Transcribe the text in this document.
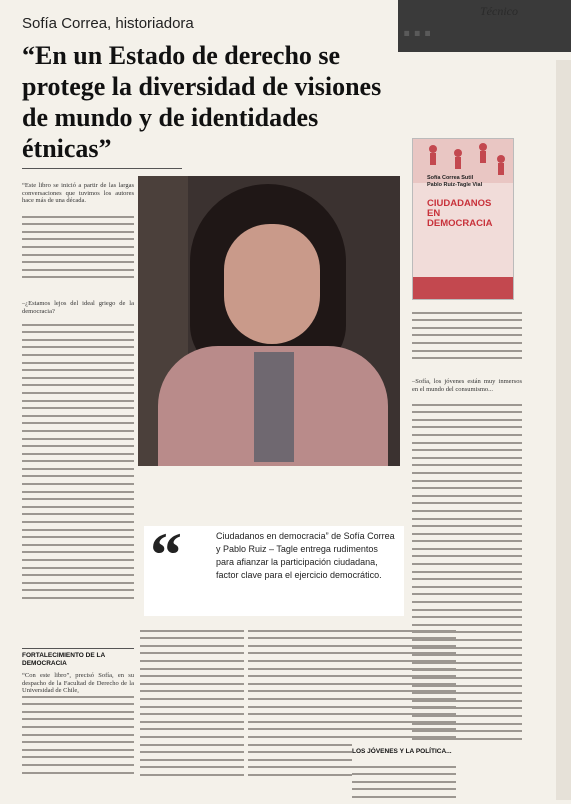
...	Técnico
Sofía Correa, historiadora
“En un Estado de derecho se protege la diversidad de visiones de mundo y de identidades étnicas”
Sofía Correa Sutil
Pablo Ruiz-Tagle Vial
CIUDADANOS EN DEMOCRACIA

“Este libro se inició a partir de las largas conversaciones que tuvimos los autores hace más de una década.

–¿Estamos lejos del ideal griego de la democracia?

“	Ciudadanos en democracia” de Sofía Correa y Pablo Ruiz – Tagle entrega rudimentos para afianzar la participación ciudadana, factor clave para el ejercicio democrático.
FORTALECIMIENTO DE LA DEMOCRACIA

“Con este libro”, precisó Sofía, en su despacho de la Facultad de Derecho de la Universidad de Chile,

LOS JÓVENES Y LA POLÍTICA...

–Sofía, los jóvenes están muy inmersos en el mundo del consumismo...
